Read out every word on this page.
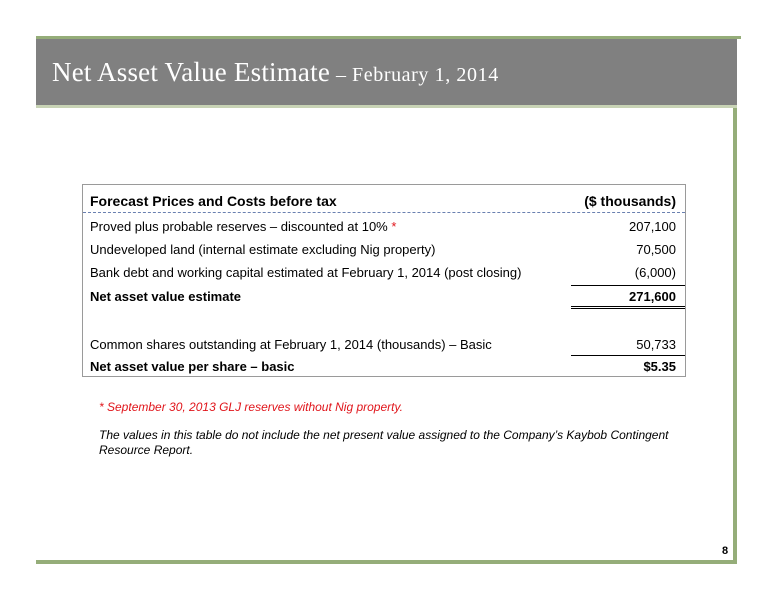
Net Asset Value Estimate – February 1, 2014
Forecast Prices and Costs before tax	($ thousands)
Proved plus probable reserves – discounted at 10% *	207,100
Undeveloped land (internal estimate excluding Nig property)	70,500
Bank debt and working capital estimated at February 1, 2014 (post closing)	(6,000)
Net asset value estimate	271,600
Common shares outstanding at February 1, 2014 (thousands) – Basic	50,733
Net asset value per share – basic	$5.35
* September 30, 2013 GLJ reserves without Nig property.
The values in this table do not include the net present value assigned to the Company’s Kaybob Contingent Resource Report.
8
